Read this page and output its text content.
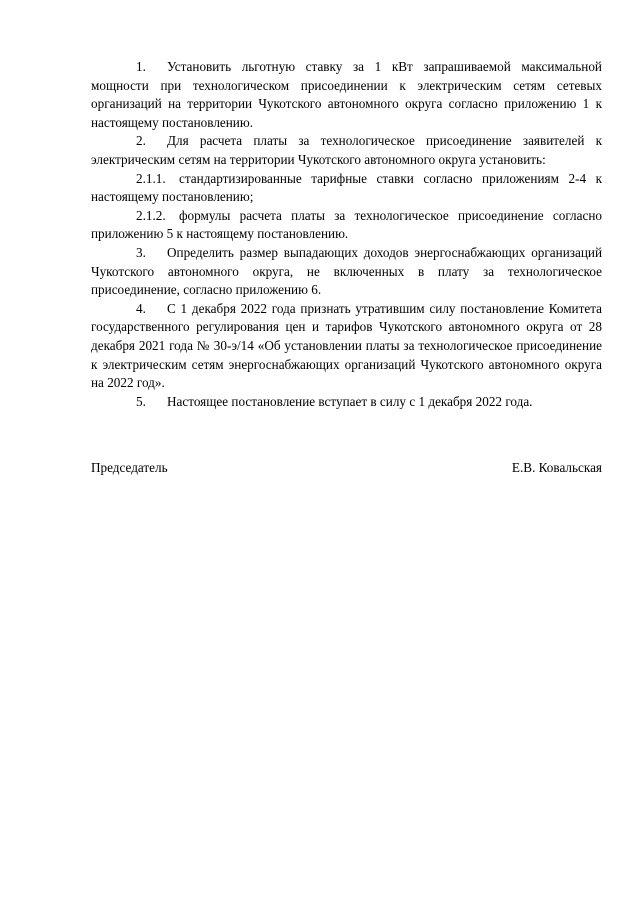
1. Установить льготную ставку за 1 кВт запрашиваемой максимальной мощности при технологическом присоединении к электрическим сетям сетевых организаций на территории Чукотского автономного округа согласно приложению 1 к настоящему постановлению.

2. Для расчета платы за технологическое присоединение заявителей к электрическим сетям на территории Чукотского автономного округа установить:

2.1.1. стандартизированные тарифные ставки согласно приложениям 2-4 к настоящему постановлению;

2.1.2. формулы расчета платы за технологическое присоединение согласно приложению 5 к настоящему постановлению.

3. Определить размер выпадающих доходов энергоснабжающих организаций Чукотского автономного округа, не включенных в плату за технологическое присоединение, согласно приложению 6.

4. С 1 декабря 2022 года признать утратившим силу постановление Комитета государственного регулирования цен и тарифов Чукотского автономного округа от 28 декабря 2021 года № 30-э/14 «Об установлении платы за технологическое присоединение к электрическим сетям энергоснабжающих организаций Чукотского автономного округа на 2022 год».

5. Настоящее постановление вступает в силу с 1 декабря 2022 года.

Председатель	Е.В. Ковальская
